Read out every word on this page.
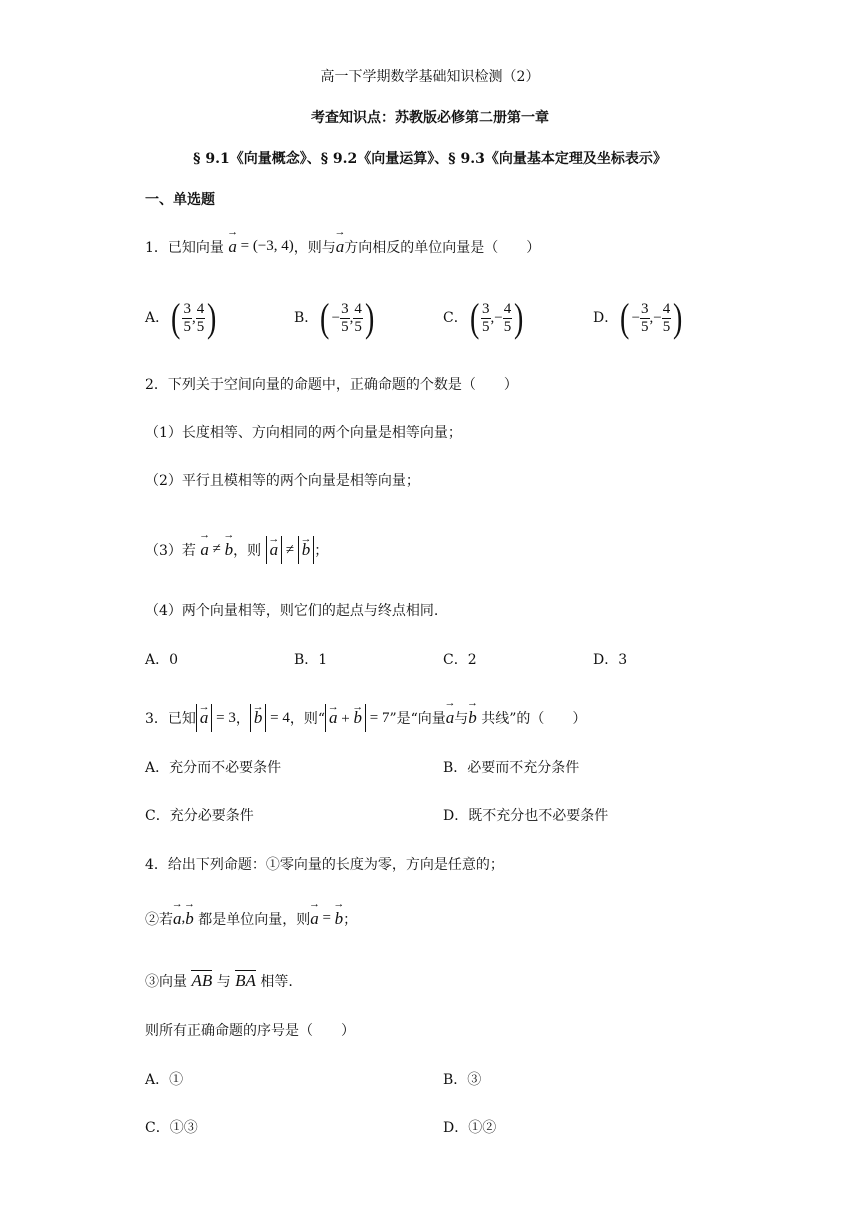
高一下学期数学基础知识检测（2）
考查知识点：苏教版必修第二册第一章
§ 9.1《向量概念》、§ 9.2《向量运算》、§ 9.3《向量基本定理及坐标表示》
一、单选题
1．已知向量 → a
= (−3, 4) ，则与→ a方向相反的单位向量是（　　）
A． ( $\frac{3}{5}$ , $\frac{4}{5}$ )	B． ( − $\frac{3}{5}$ , $\frac{4}{5}$ )	C． ( $\frac{3}{5}$ , − $\frac{4}{5}$ )	D． ( − $\frac{3}{5}$ , − $\frac{4}{5}$ )
2．下列关于空间向量的命题中，正确命题的个数是（　　）
（1）长度相等、方向相同的两个向量是相等向量；
（2）平行且模相等的两个向量是相等向量；
（3）若 → a
≠
→ b ，则 → a
≠
→ b ；
（4）两个向量相等，则它们的起点与终点相同.
A．0	B．1	C．2	D．3
3．已知 → a
= 3 ， → b
= 4 ，则“ → a + → b
= 7 ”是“向量→ a与→ b 共线”的（　　）
A．充分而不必要条件	B．必要而不充分条件
C．充分必要条件	D．既不充分也不必要条件
4．给出下列命题：①零向量的长度为零，方向是任意的；
②若 → a , → b 都是单位向量，则 → a
=
→ b ；
③向量 AB 与 BA 相等.
则所有正确命题的序号是（　　）
A．①	B．③
C．①③	D．①②
